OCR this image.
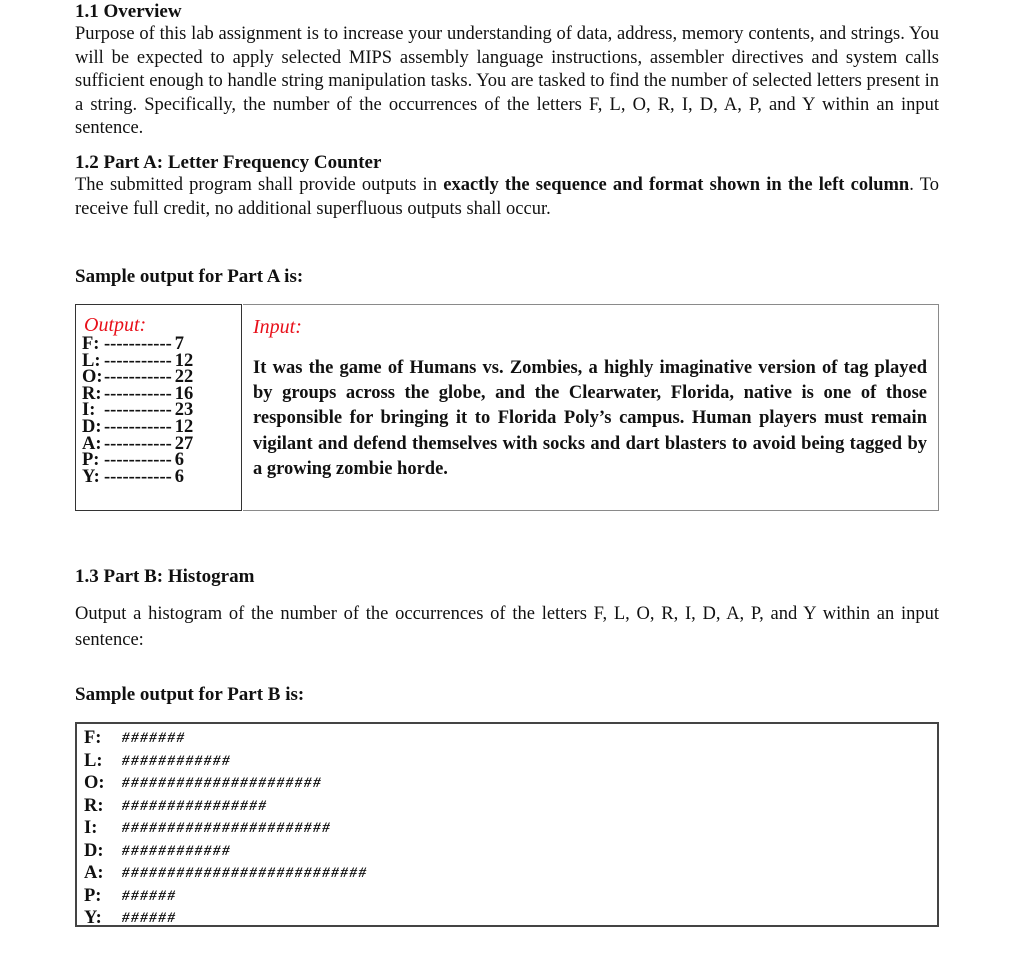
1.1 Overview

Purpose of this lab assignment is to increase your understanding of data, address, memory contents, and strings. You will be expected to apply selected MIPS assembly language instructions, assembler directives and system calls sufficient enough to handle string manipulation tasks. You are tasked to find the number of selected letters present in a string. Specifically, the number of the occurrences of the letters F, L, O, R, I, D, A, P, and Y within an input sentence.

1.2 Part A: Letter Frequency Counter

The submitted program shall provide outputs in exactly the sequence and format shown in the left column. To receive full credit, no additional superfluous outputs shall occur.

Sample output for Part A is:
Output:
F: ----------- 7
L: ----------- 12
O: ----------- 22
R: ----------- 16
I: ----------- 23
D: ----------- 12
A: ----------- 27
P: ----------- 6
Y: ----------- 6
Input:
It was the game of Humans vs. Zombies, a highly imaginative version of tag played by groups across the globe, and the Clearwater, Florida, native is one of those responsible for bringing it to Florida Poly’s campus. Human players must remain vigilant and defend themselves with socks and dart blasters to avoid being tagged by a growing zombie horde.
1.3 Part B: Histogram

Output a histogram of the number of the occurrences of the letters F, L, O, R, I, D, A, P, and Y within an input sentence:

Sample output for Part B is:
F:	#######
L:	############
O:	######################
R:	################
I:	#######################
D:	############
A:	###########################
P:	######
Y:	######
